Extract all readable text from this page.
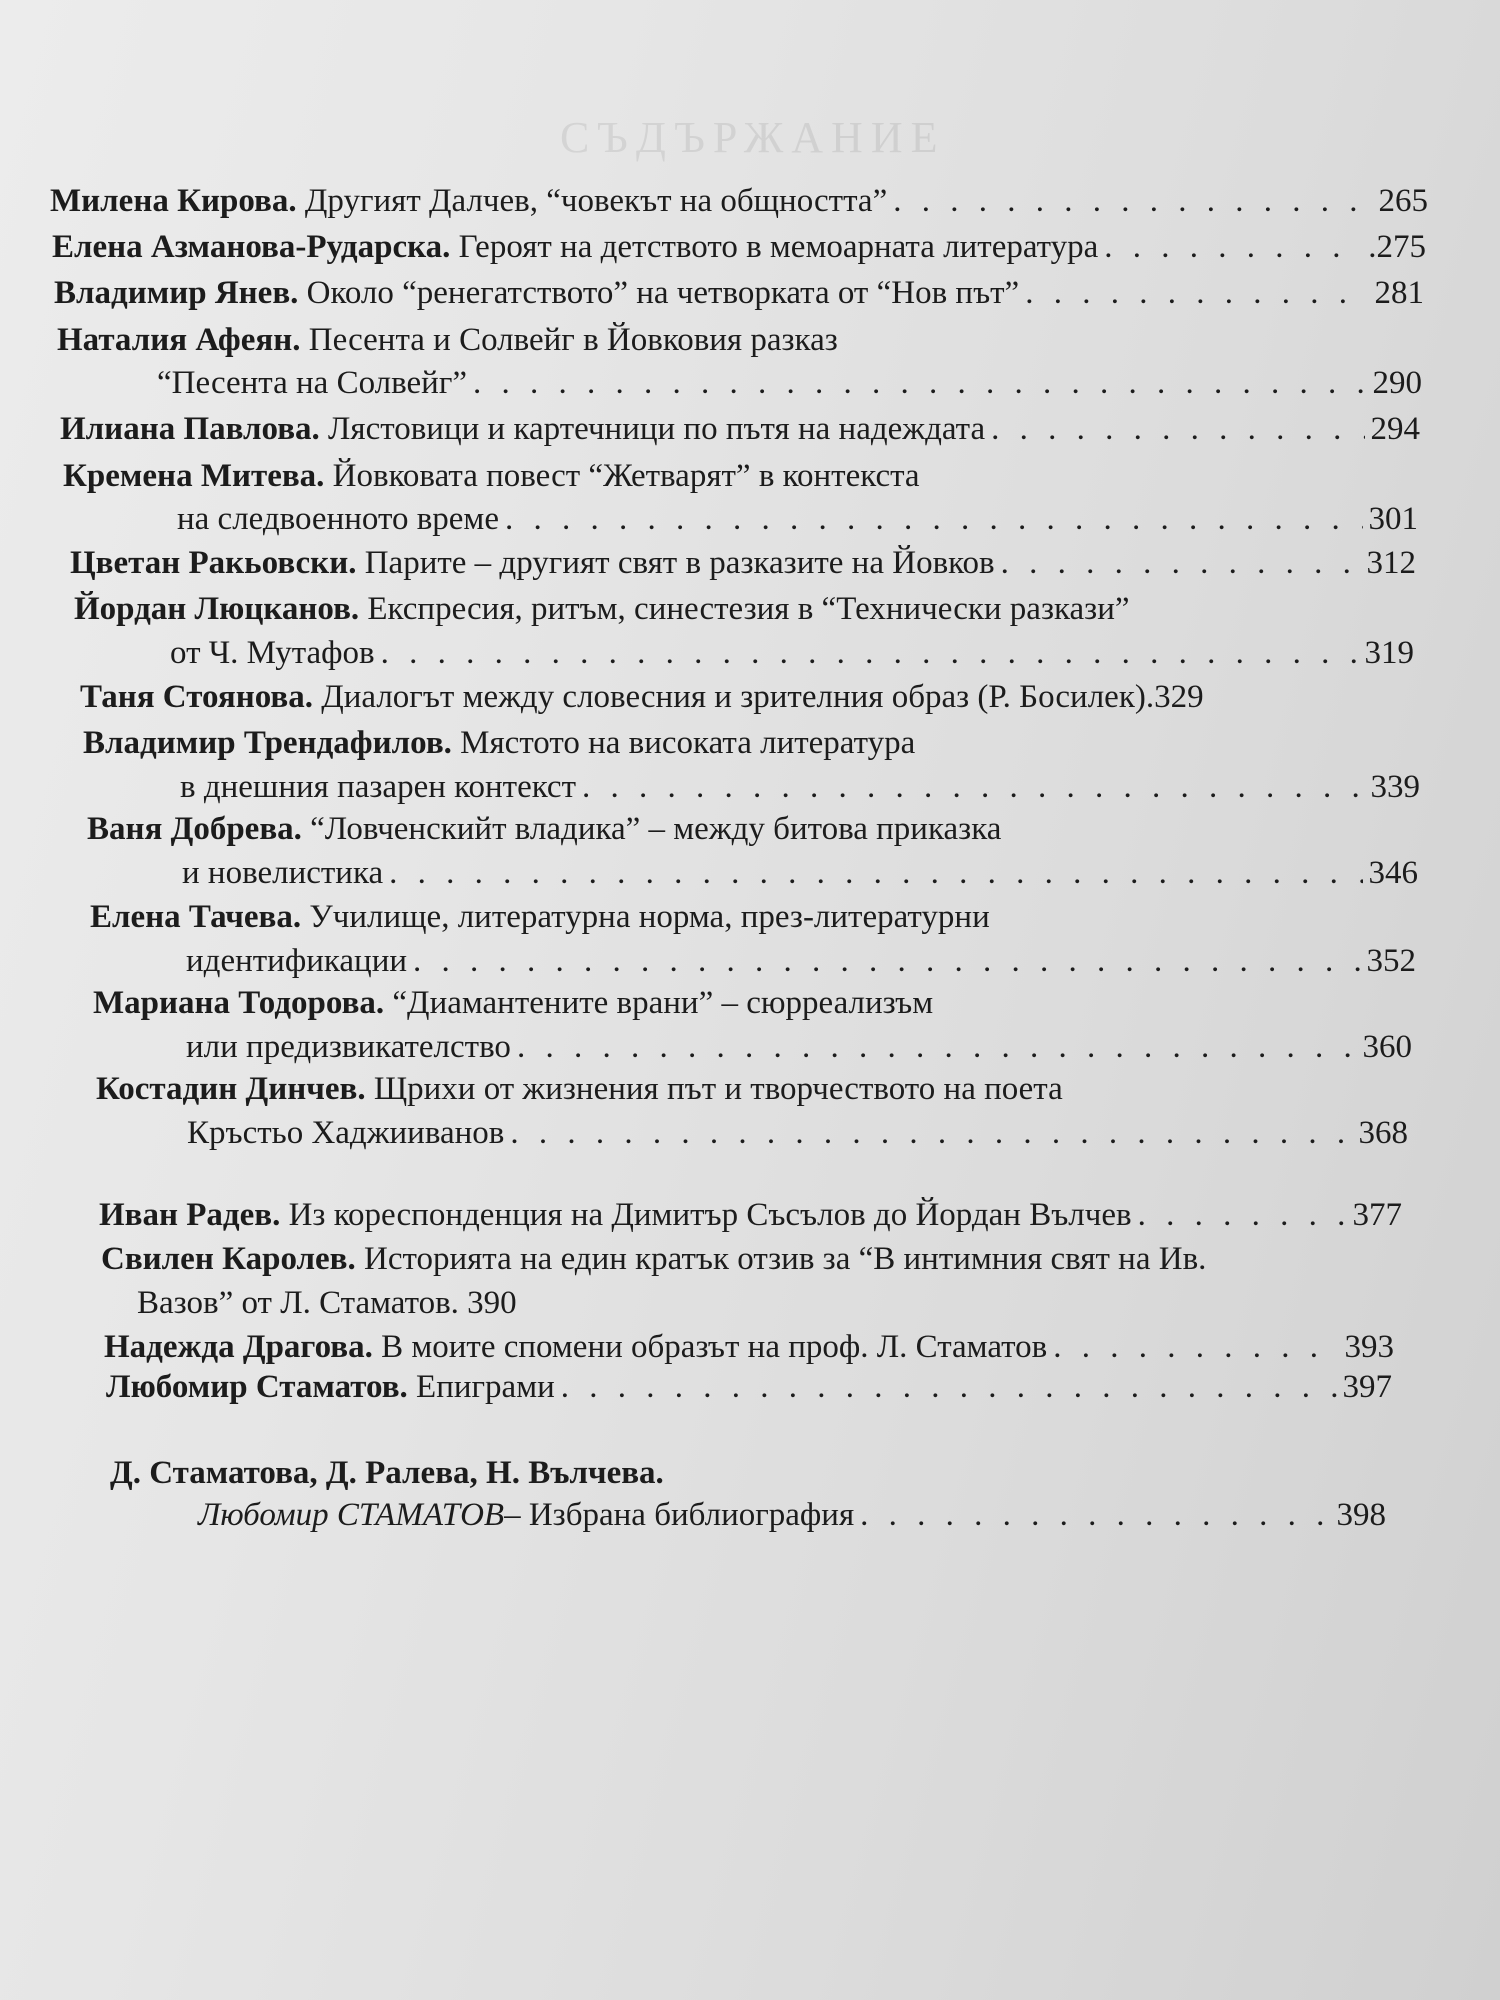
СЪДЪРЖАНИЕ
Милена Кирова.
Другият Далчев, “човекът на общността” . . .	265
Елена Азманова-Рударска.
Героят на детството в мемоарната литература . . .	.275
Владимир Янев.
Около “ренегатството” на четворката от “Нов път” . . .	281
Наталия Афеян.
Песента и Солвейг в Йовковия разказ
“Песента на Солвейг” . . .	290
Илиана Павлова.
Лястовици и картечници по пътя на надеждата . . .	294
Кремена Митева.
Йовковата повест “Жетварят” в контекста
на следвоенното време . . .	301
Цветан Ракьовски.
Парите – другият свят в разказите на Йовков . . .	312
Йордан Люцканов.
Експресия, ритъм, синестезия в “Технически разкази”
от Ч. Мутафов . . .	319
Таня Стоянова.
Диалогът между словесния и зрителния образ (Р. Босилек) .329
Владимир Трендафилов.
Мястото на високата литература
в днешния пазарен контекст . . .	339
Ваня Добрева.
“Ловченскийт владика” – между битова приказка
и новелистика . . .	346
Елена Тачева.
Училище, литературна норма, през-литературни
идентификации . . .	352
Мариана Тодорова.
“Диамантените врани” – сюрреализъм
или предизвикателство . . .	360
Костадин Динчев.
Щрихи от жизнения път и творчеството на поета
Кръстьо Хаджииванов . . .	368
Иван Радев.
Из кореспонденция на Димитър Съсълов до Йордан Вълчев . . .	377
Свилен Каролев.
Историята на един кратък отзив за “В интимния свят на Ив.
Вазов” от Л. Стаматов. 390
Надежда Драгова.
В моите спомени образът на проф. Л. Стаматов . . .	393
Любомир Стаматов.
Епиграми . . .	397
Д. Стаматова, Д. Ралева, Н. Вълчева.
Любомир СТАМАТОВ – Избрана библиография . . .	398
